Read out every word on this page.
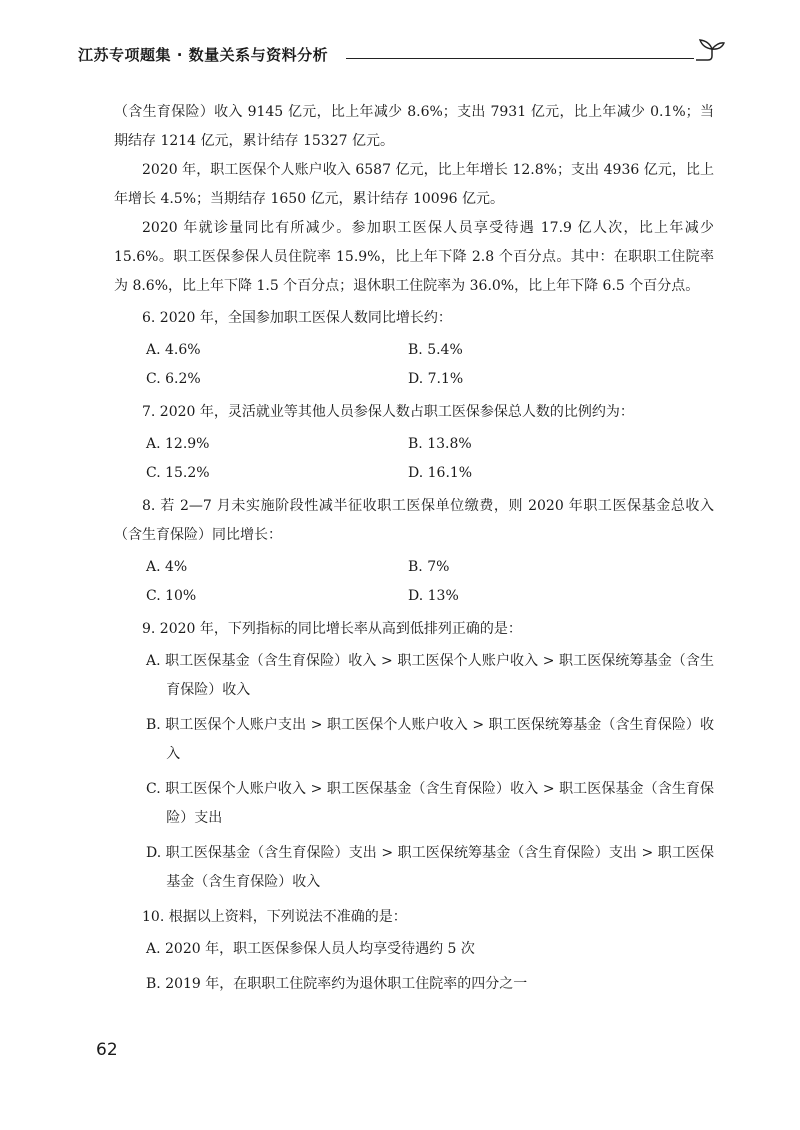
江苏专项题集 · 数量关系与资料分析

（含生育保险）收入 9145 亿元，比上年减少 8.6%；支出 7931 亿元，比上年减少 0.1%；当期结存 1214 亿元，累计结存 15327 亿元。

2020 年，职工医保个人账户收入 6587 亿元，比上年增长 12.8%；支出 4936 亿元，比上年增长 4.5%；当期结存 1650 亿元，累计结存 10096 亿元。

2020 年就诊量同比有所减少。参加职工医保人员享受待遇 17.9 亿人次，比上年减少 15.6%。职工医保参保人员住院率 15.9%，比上年下降 2.8 个百分点。其中：在职职工住院率为 8.6%，比上年下降 1.5 个百分点；退休职工住院率为 36.0%，比上年下降 6.5 个百分点。

6. 2020 年，全国参加职工医保人数同比增长约：

A. 4.6%	B. 5.4%
C. 6.2%	D. 7.1%

7. 2020 年，灵活就业等其他人员参保人数占职工医保参保总人数的比例约为：

A. 12.9%	B. 13.8%
C. 15.2%	D. 16.1%

8. 若 2—7 月未实施阶段性减半征收职工医保单位缴费，则 2020 年职工医保基金总收入（含生育保险）同比增长：

A. 4%	B. 7%
C. 10%	D. 13%

9. 2020 年，下列指标的同比增长率从高到低排列正确的是：

A. 职工医保基金（含生育保险）收入 > 职工医保个人账户收入 > 职工医保统筹基金（含生育保险）收入
B. 职工医保个人账户支出 > 职工医保个人账户收入 > 职工医保统筹基金（含生育保险）收入
C. 职工医保个人账户收入 > 职工医保基金（含生育保险）收入 > 职工医保基金（含生育保险）支出
D. 职工医保基金（含生育保险）支出 > 职工医保统筹基金（含生育保险）支出 > 职工医保基金（含生育保险）收入

10. 根据以上资料，下列说法不准确的是：

A. 2020 年，职工医保参保人员人均享受待遇约 5 次
B. 2019 年，在职职工住院率约为退休职工住院率的四分之一
62
